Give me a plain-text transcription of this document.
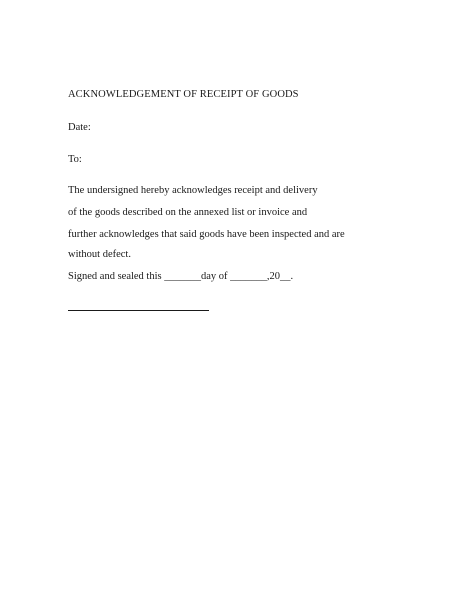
ACKNOWLEDGEMENT OF RECEIPT OF GOODS
Date:
To:
The undersigned hereby acknowledges receipt and delivery
of the goods described on the annexed list or invoice and
further acknowledges that said goods have been inspected and are
without defect.
Signed and sealed this _______day of _______,20__.
